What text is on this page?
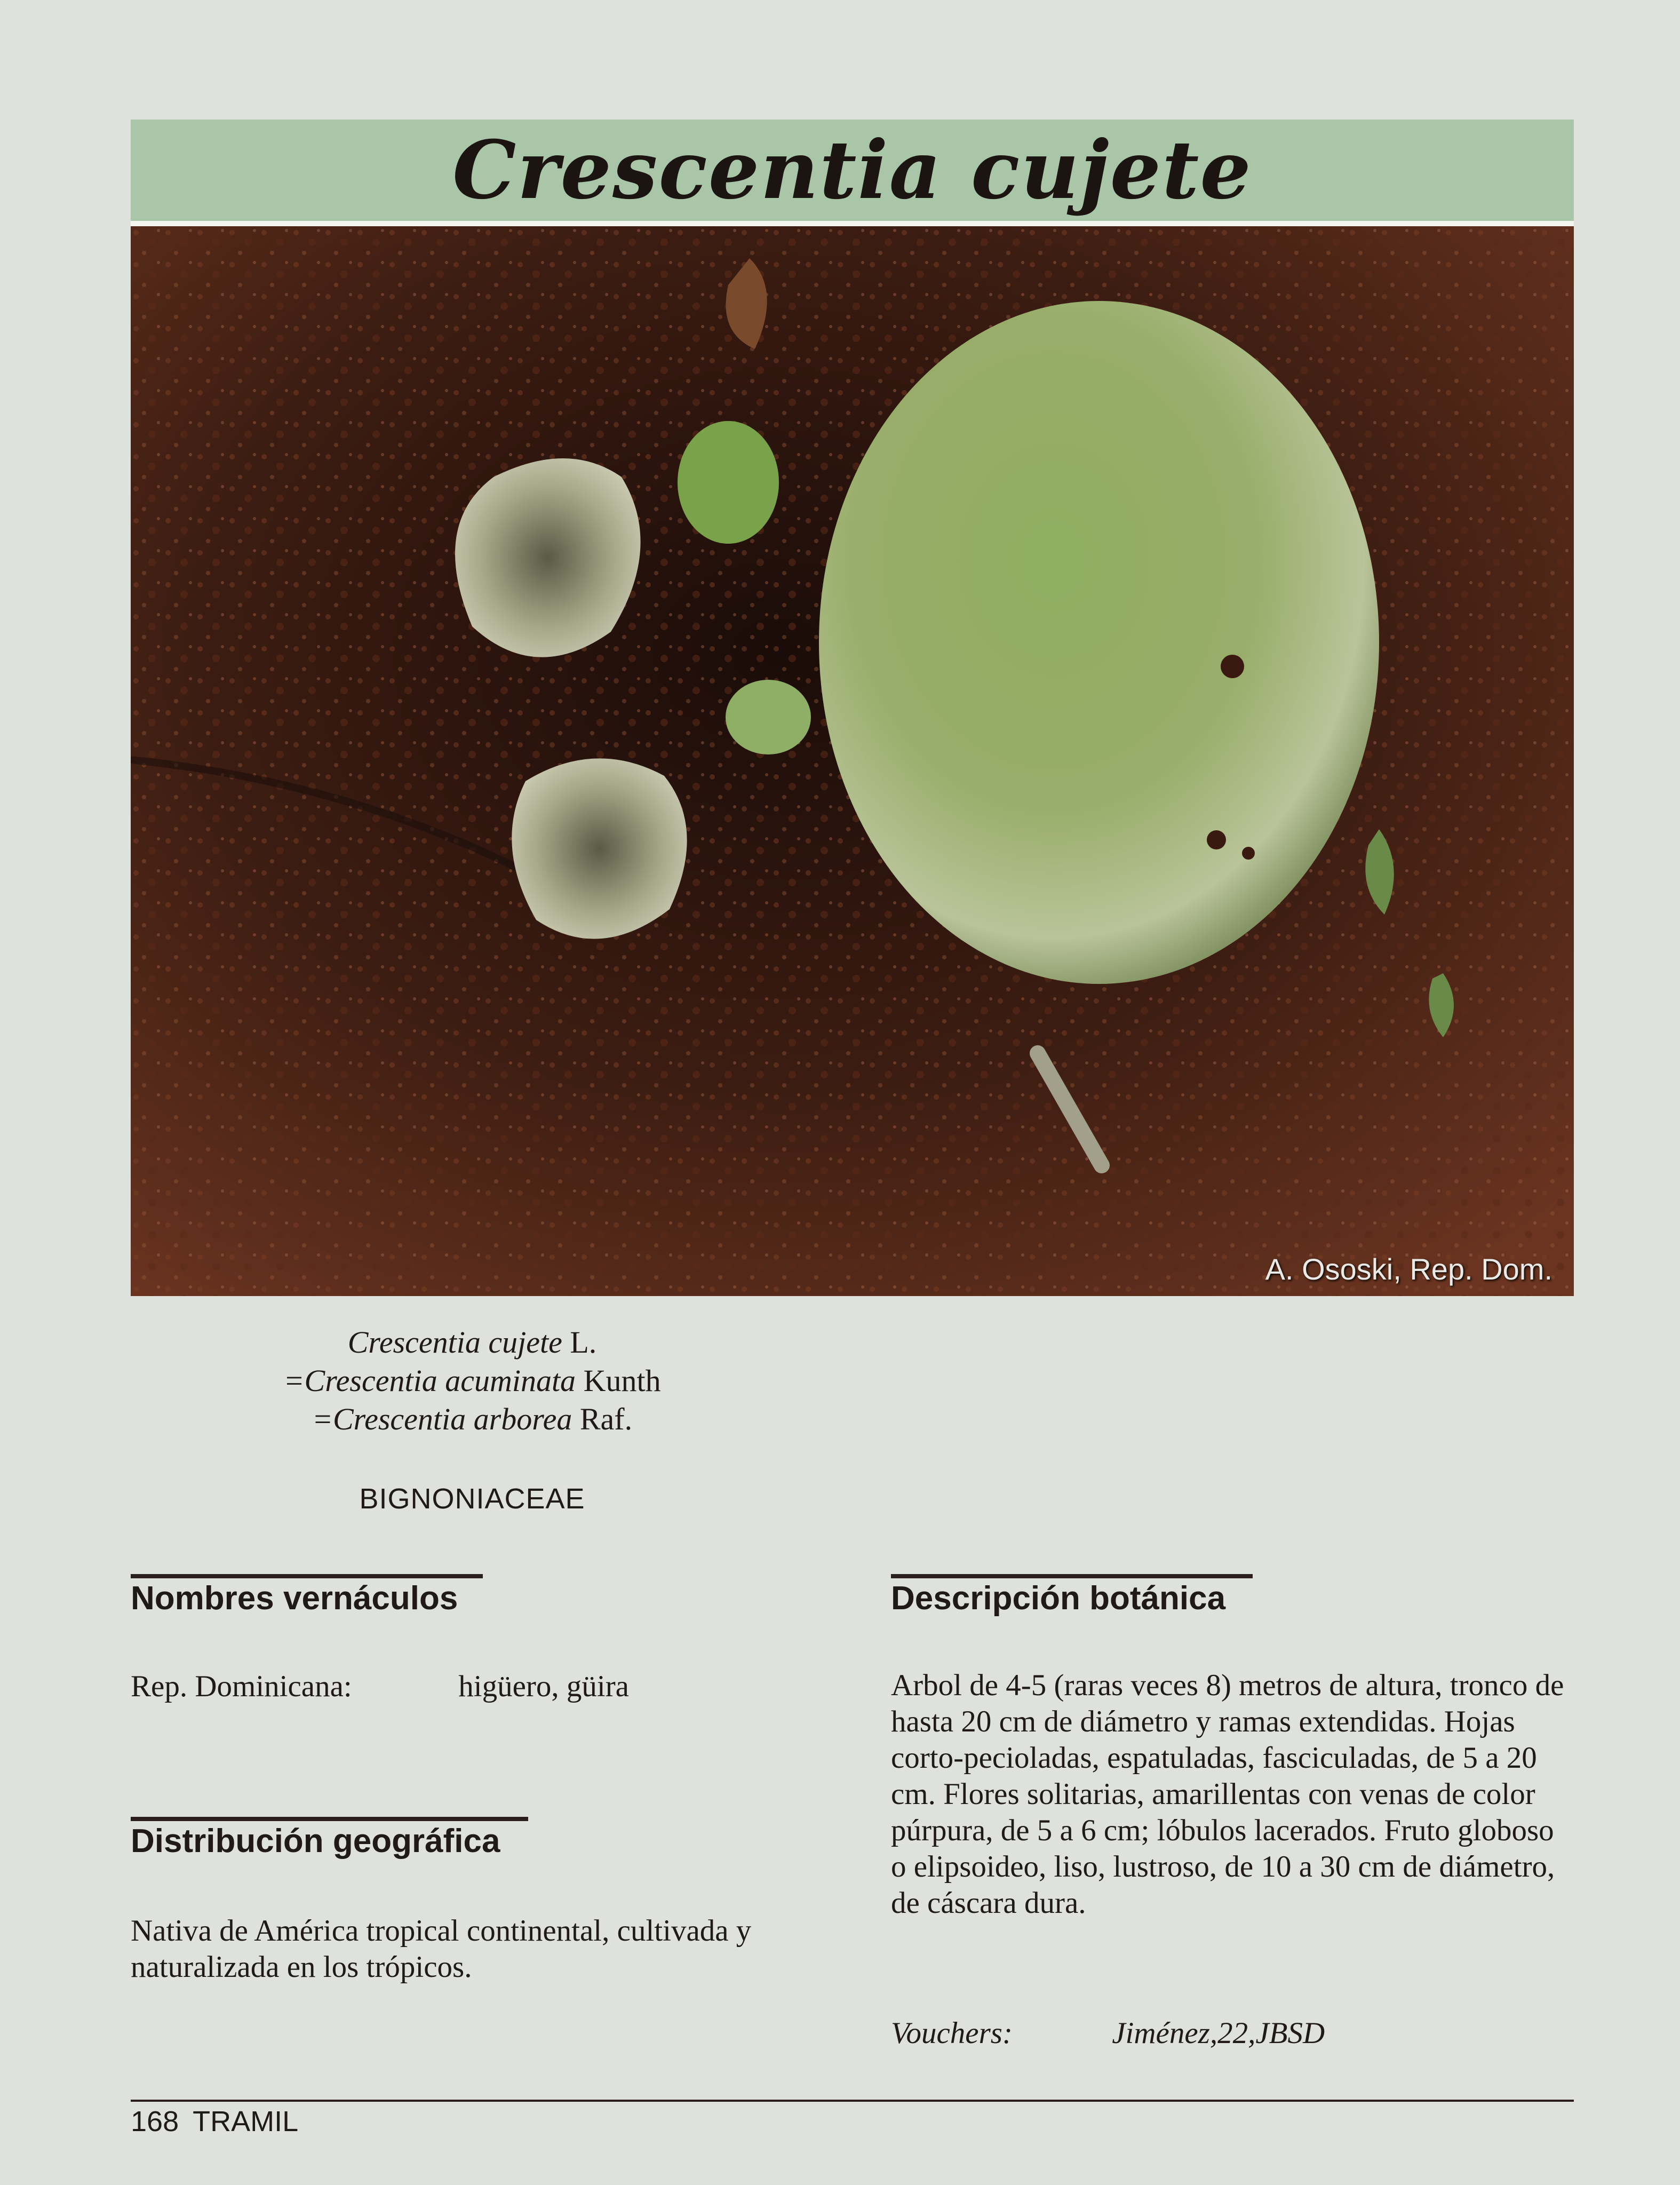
Crescentia cujete
A. Ososki, Rep. Dom.
Crescentia cujete L.
=Crescentia acuminata Kunth
=Crescentia arborea Raf.
BIGNONIACEAE
Nombres vernáculos
Rep. Dominicana:	higüero, güira
Distribución geográfica
Nativa de América tropical continental, cultivada y naturalizada en los trópicos.
Descripción botánica
Arbol de 4-5 (raras veces 8) metros de altura, tronco de hasta 20 cm de diámetro y ramas extendidas. Hojas corto-pecioladas, espatuladas, fasciculadas, de 5 a 20 cm. Flores solitarias, amarillentas con venas de color púrpura, de 5 a 6 cm; lóbulos lacerados. Fruto globoso o elipsoideo, liso, lustroso, de 10 a 30 cm de diámetro, de cáscara dura.
Vouchers:	Jiménez,22,JBSD
168 TRAMIL
